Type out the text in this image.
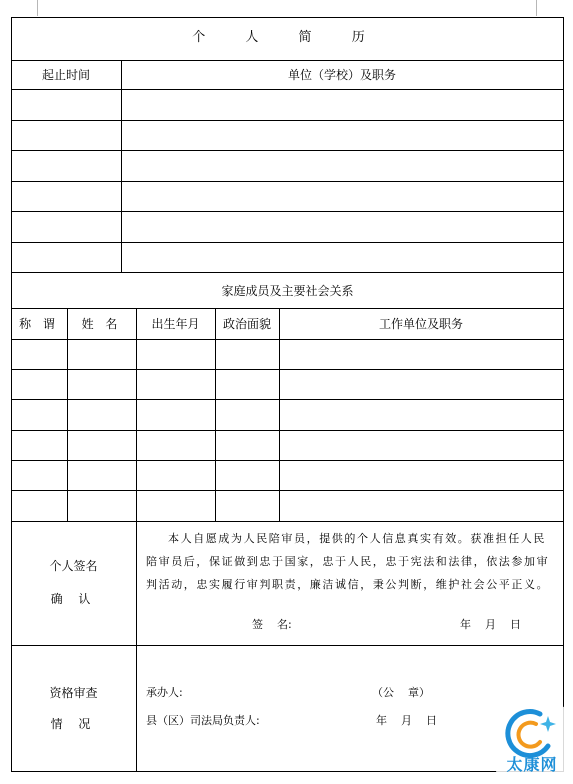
个 人 简 历
起止时间	单位（学校）及职务
家庭成员及主要社会关系
称 谓	姓 名	出生年月	政治面貌	工作单位及职务
个人签名
确 认
本人自愿成为人民陪审员，提供的个人信息真实有效。获准担任人民
陪审员后，保证做到忠于国家，忠于人民，忠于宪法和法律，依法参加审
判活动，忠实履行审判职责，廉洁诚信，秉公判断，维护社会公平正义。
签    名:	年    月    日
资格审查
情 况
承办人:	（公    章）
县（区）司法局负责人:	年    月    日
太康网
